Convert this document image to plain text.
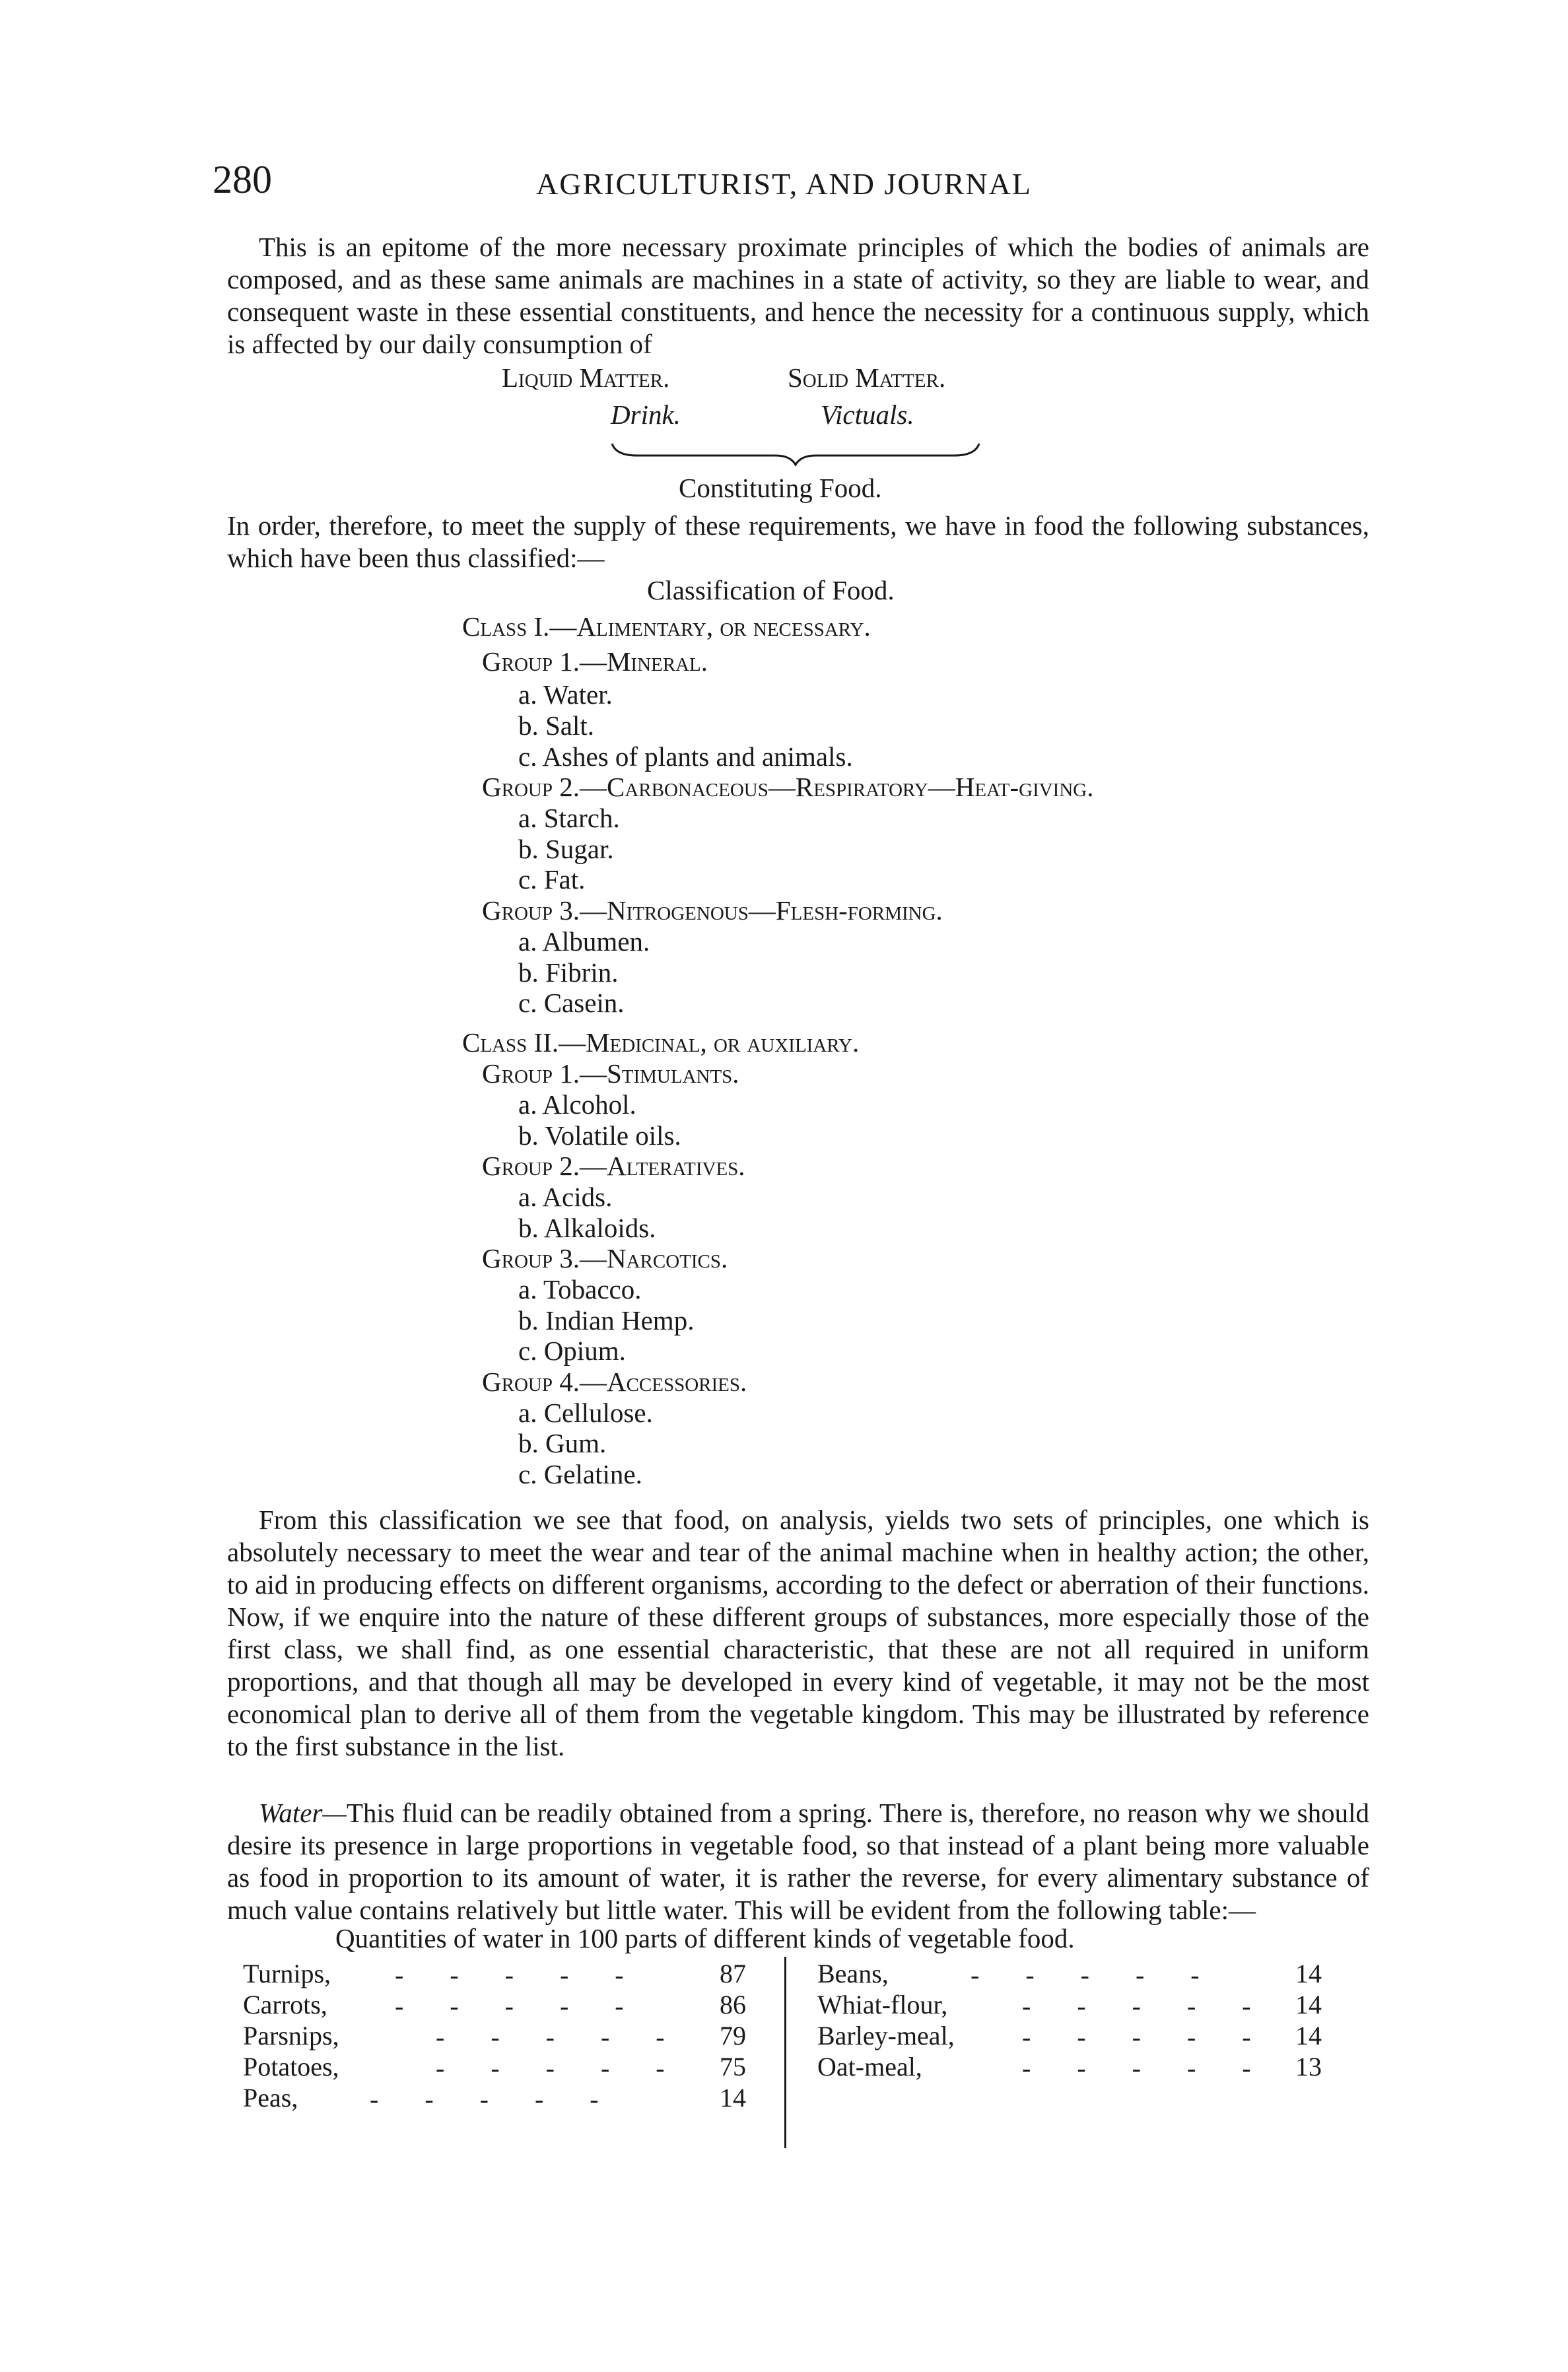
280	AGRICULTURIST, AND JOURNAL
This is an epitome of the more necessary proximate principles of which the bodies of animals are composed, and as these same animals are machines in a state of activity, so they are liable to wear, and consequent waste in these essential constituents, and hence the necessity for a continuous supply, which is affected by our daily consumption of
Liquid Matter.	Solid Matter.
Drink.	Victuals.
Constituting Food.
In order, therefore, to meet the supply of these requirements, we have in food the following substances, which have been thus classified:—
Classification of Food.
Class I.—Alimentary, or necessary.
Group 1.—Mineral.
a. Water.
b. Salt.
c. Ashes of plants and animals.
Group 2.—Carbonaceous—Respiratory—Heat-giving.
a. Starch.
b. Sugar.
c. Fat.
Group 3.—Nitrogenous—Flesh-forming.
a. Albumen.
b. Fibrin.
c. Casein.
Class II.—Medicinal, or auxiliary.
Group 1.—Stimulants.
a. Alcohol.
b. Volatile oils.
Group 2.—Alteratives.
a. Acids.
b. Alkaloids.
Group 3.—Narcotics.
a. Tobacco.
b. Indian Hemp.
c. Opium.
Group 4.—Accessories.
a. Cellulose.
b. Gum.
c. Gelatine.
From this classification we see that food, on analysis, yields two sets of principles, one which is absolutely necessary to meet the wear and tear of the animal machine when in healthy action; the other, to aid in producing effects on different organisms, according to the defect or aberration of their functions. Now, if we enquire into the nature of these different groups of substances, more especially those of the first class, we shall find, as one essential characteristic, that these are not all required in uniform proportions, and that though all may be developed in every kind of vegetable, it may not be the most economical plan to derive all of them from the vegetable kingdom. This may be illustrated by reference to the first substance in the list.
Water—This fluid can be readily obtained from a spring. There is, therefore, no reason why we should desire its presence in large proportions in vegetable food, so that instead of a plant being more valuable as food in proportion to its amount of water, it is rather the reverse, for every alimentary substance of much value contains relatively but little water. This will be evident from the following table:—
Quantities of water in 100 parts of different kinds of vegetable food.
Turnips, - - - - -	87
Carrots,	- - - - -	86
Parsnips,	- - - - - 79
Potatoes,	- - - - - 75
Peas,	- - - - -	14
Beans,	- - - - -	14
Whiat-flour,	- - - - - 14
Barley-meal,	- - - - - 14
Oat-meal,	- - - - - 13
